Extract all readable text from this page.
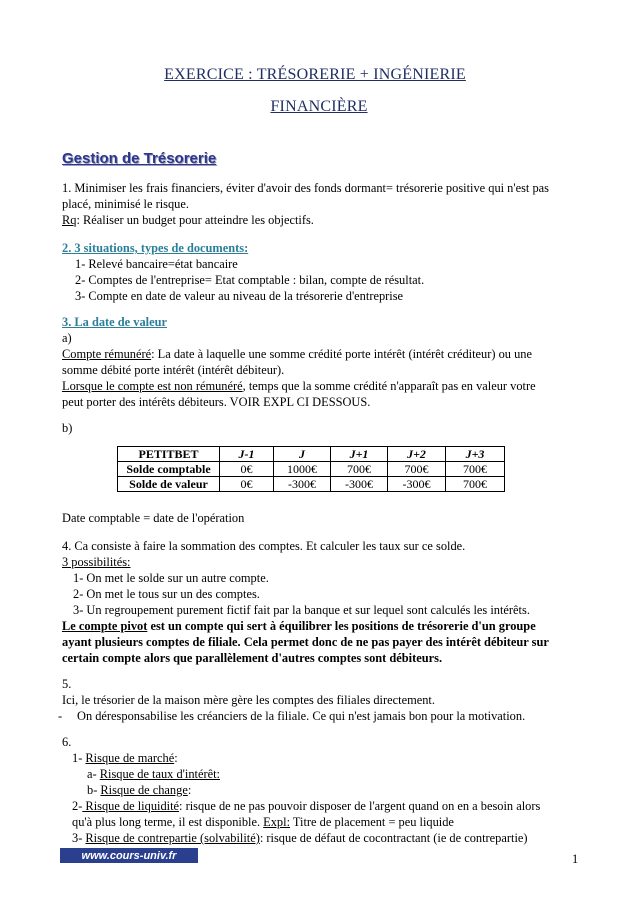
EXERCICE : TRÉSORERIE + INGÉNIERIE
FINANCIÈRE
Gestion de Trésorerie
1. Minimiser les frais financiers, éviter d'avoir des fonds dormant= trésorerie positive qui n'est pas
placé, minimisé le risque.
Rq: Réaliser un budget pour atteindre les objectifs.
2. 3 situations, types de documents:
1- Relevé bancaire=état bancaire
2- Comptes de l'entreprise= Etat comptable : bilan, compte de résultat.
3- Compte en date de valeur au niveau de la trésorerie d'entreprise
3. La date de valeur
a)
Compte rémunéré: La date à laquelle une somme crédité porte intérêt (intérêt créditeur) ou une
somme débité porte intérêt (intérêt débiteur).
Lorsque le compte est non rémunéré, temps que la somme crédité n'apparaît pas en valeur votre
peut porter des intérêts débiteurs. VOIR EXPL CI DESSOUS.
b)
PETITBET	J-1	J	J+1	J+2	J+3
Solde comptable	0€	1000€	700€	700€	700€
Solde de valeur	0€	-300€	-300€	-300€	700€
Date comptable = date de l'opération
4. Ca consiste à faire la sommation des comptes. Et calculer les taux sur ce solde.
3 possibilités:
1- On met le solde sur un autre compte.
2- On met le tous sur un des comptes.
3- Un regroupement purement fictif fait par la banque et sur lequel sont calculés les intérêts.
Le compte pivot est un compte qui sert à équilibrer les positions de trésorerie d'un groupe
ayant plusieurs comptes de filiale. Cela permet donc de ne pas payer des intérêt débiteur sur
certain compte alors que parallèlement d'autres comptes sont débiteurs.
5.
Ici, le trésorier de la maison mère gère les comptes des filiales directement.
- On déresponsabilise les créanciers de la filiale. Ce qui n'est jamais bon pour la motivation.
6.
1- Risque de marché:
a- Risque de taux d'intérêt:
b- Risque de change:
2- Risque de liquidité: risque de ne pas pouvoir disposer de l'argent quand on en a besoin alors
qu'à plus long terme, il est disponible. Expl: Titre de placement = peu liquide
3- Risque de contrepartie (solvabilité): risque de défaut de cocontractant (ie de contrepartie)
www.cours-univ.fr	1
